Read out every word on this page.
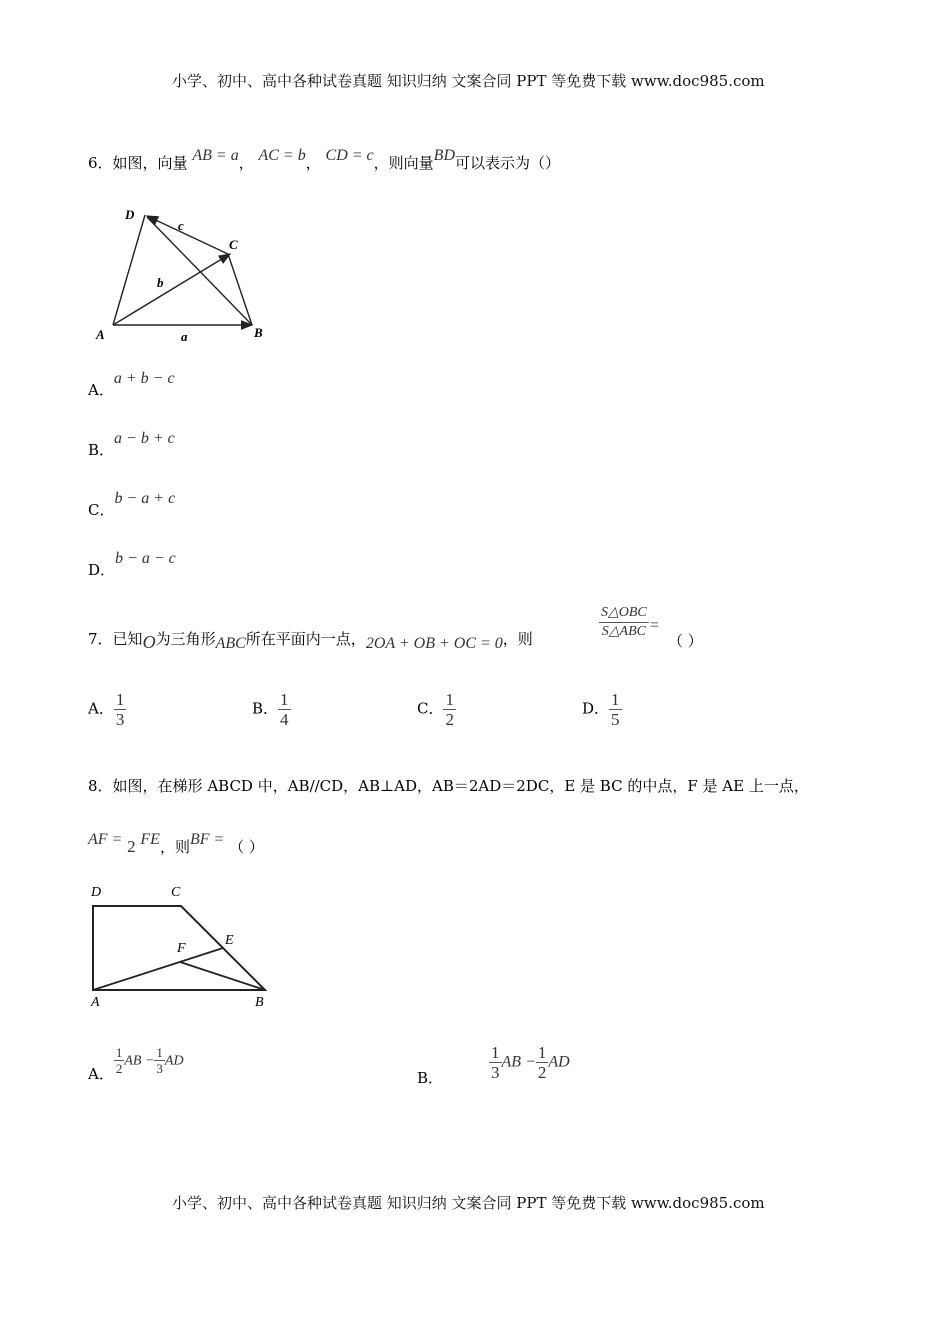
小学、初中、高中各种试卷真题 知识归纳 文案合同 PPT 等免费下载 www.doc985.com
6．如图，向量 AB = a， AC = b， CD = c，则向量BD可以表示为（）
D
C
A	B
a
b
c
A．a + b − c
B．a − b + c
C．b − a + c
D．b − a − c
7．已知O为三角形ABC所在平面内一点，2OA + OB + OC = 0，则	$\frac{\text{S△OBC}}{\text{S△ABC}}$ =
（ ）
A． $\frac{1}{3}$	B． $\frac{1}{4}$	C． $\frac{1}{2}$	D． $\frac{1}{5}$
8．如图，在梯形 ABCD 中，AB//CD，AB⊥AD，AB＝2AD＝2DC，E 是 BC 的中点，F 是 AE 上一点，
AF = 2 FE，则BF = （ ）
D	C
E
F
A	B
A． $\frac{1}{2}$ AB − $\frac{1}{3}$ AD
B．	$\frac{1}{3}$ AB − $\frac{1}{2}$ AD
小学、初中、高中各种试卷真题 知识归纳 文案合同 PPT 等免费下载 www.doc985.com
